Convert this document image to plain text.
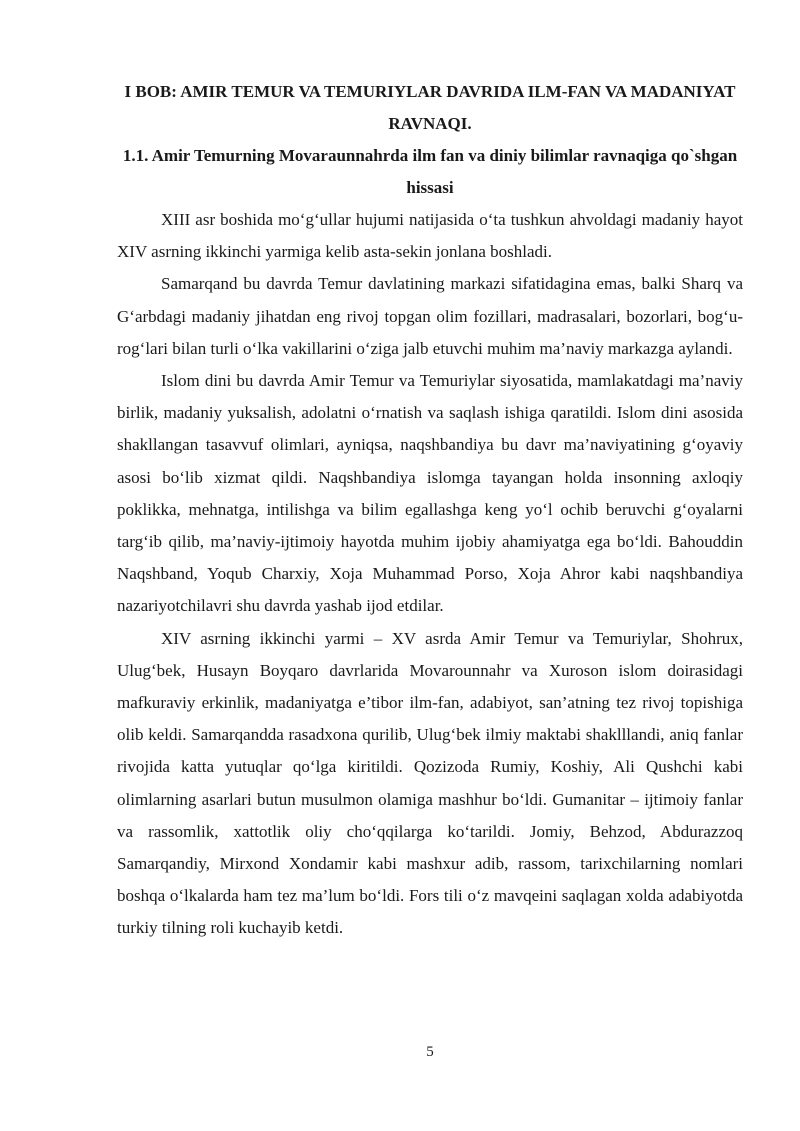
I BOB: AMIR TEMUR VA TEMURIYLAR DAVRIDA ILM-FAN VA MADANIYAT RAVNAQI.
1.1. Amir Temurning Movaraunnahrda ilm fan va diniy bilimlar ravnaqiga qo`shgan hissasi

XIII asr boshida mo‘g‘ullar hujumi natijasida o‘ta tushkun ahvoldagi madaniy hayot XIV asrning ikkinchi yarmiga kelib asta-sekin jonlana boshladi.

Samarqand bu davrda Temur davlatining markazi sifatidagina emas, balki Sharq va G‘arbdagi madaniy jihatdan eng rivoj topgan olim fozillari, madrasalari, bozorlari, bog‘u-rog‘lari bilan turli o‘lka vakillarini o‘ziga jalb etuvchi muhim ma’naviy markazga aylandi.

Islom dini bu davrda Amir Temur va Temuriylar siyosatida, mamlakatdagi ma’naviy birlik, madaniy yuksalish, adolatni o‘rnatish va saqlash ishiga qaratildi. Islom dini asosida shakllangan tasavvuf olimlari, ayniqsa, naqshbandiya bu davr ma’naviyatining g‘oyaviy asosi bo‘lib xizmat qildi. Naqshbandiya islomga tayangan holda insonning axloqiy poklikka, mehnatga, intilishga va bilim egallashga keng yo‘l ochib beruvchi g‘oyalarni targ‘ib qilib, ma’naviy-ijtimoiy hayotda muhim ijobiy ahamiyatga ega bo‘ldi. Bahouddin Naqshband, Yoqub Charxiy, Xoja Muhammad Porso, Xoja Ahror kabi naqshbandiya nazariyotchilavri shu davrda yashab ijod etdilar.

XIV asrning ikkinchi yarmi – XV asrda Amir Temur va Temuriylar, Shohrux, Ulug‘bek, Husayn Boyqaro davrlarida Movarounnahr va Xuroson islom doirasidagi mafkuraviy erkinlik, madaniyatga e’tibor ilm-fan, adabiyot, san’atning tez rivoj topishiga olib keldi. Samarqandda rasadxona qurilib, Ulug‘bek ilmiy maktabi shaklllandi, aniq fanlar rivojida katta yutuqlar qo‘lga kiritildi. Qozizoda Rumiy, Koshiy, Ali Qushchi kabi olimlarning asarlari butun musulmon olamiga mashhur bo‘ldi. Gumanitar – ijtimoiy fanlar va rassomlik, xattotlik oliy cho‘qqilarga ko‘tarildi. Jomiy, Behzod, Abdurazzoq Samarqandiy, Mirxond Xondamir kabi mashxur adib, rassom, tarixchilarning nomlari boshqa o‘lkalarda ham tez ma’lum bo‘ldi. Fors tili o‘z mavqeini saqlagan xolda adabiyotda turkiy tilning roli kuchayib ketdi.

5
